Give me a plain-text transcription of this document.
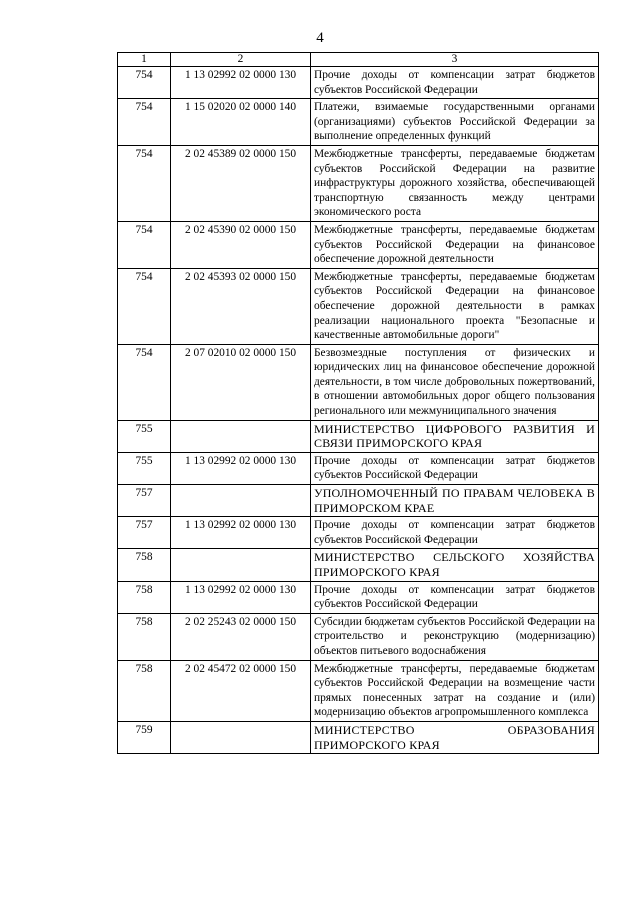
4
1	2	3
754	1 13 02992 02 0000 130	Прочие доходы от компенсации затрат бюджетов субъектов Российской Федерации
754	1 15 02020 02 0000 140	Платежи, взимаемые государственными органами (организациями) субъектов Российской Федерации за выполнение определенных функций
754	2 02 45389 02 0000 150	Межбюджетные трансферты, передаваемые бюджетам субъектов Российской Федерации на развитие инфраструктуры дорожного хозяйства, обеспечивающей транспортную связанность между центрами экономического роста
754	2 02 45390 02 0000 150	Межбюджетные трансферты, передаваемые бюджетам субъектов Российской Федерации на финансовое обеспечение дорожной деятельности
754	2 02 45393 02 0000 150	Межбюджетные трансферты, передаваемые бюджетам субъектов Российской Федерации на финансовое обеспечение дорожной деятельности в рамках реализации национального проекта "Безопасные и качественные автомобильные дороги"
754	2 07 02010 02 0000 150	Безвозмездные поступления от физических и юридических лиц на финансовое обеспечение дорожной деятельности, в том числе добровольных пожертвований, в отношении автомобильных дорог общего пользования регионального или межмуниципального значения
755		МИНИСТЕРСТВО ЦИФРОВОГО РАЗВИТИЯ И СВЯЗИ ПРИМОРСКОГО КРАЯ
755	1 13 02992 02 0000 130	Прочие доходы от компенсации затрат бюджетов субъектов Российской Федерации
757		УПОЛНОМОЧЕННЫЙ ПО ПРАВАМ ЧЕЛОВЕКА В ПРИМОРСКОМ КРАЕ
757	1 13 02992 02 0000 130	Прочие доходы от компенсации затрат бюджетов субъектов Российской Федерации
758		МИНИСТЕРСТВО СЕЛЬСКОГО ХОЗЯЙСТВА ПРИМОРСКОГО КРАЯ
758	1 13 02992 02 0000 130	Прочие доходы от компенсации затрат бюджетов субъектов Российской Федерации
758	2 02 25243 02 0000 150	Субсидии бюджетам субъектов Российской Федерации на строительство и реконструкцию (модернизацию) объектов питьевого водоснабжения
758	2 02 45472 02 0000 150	Межбюджетные трансферты, передаваемые бюджетам субъектов Российской Федерации на возмещение части прямых понесенных затрат на создание и (или) модернизацию объектов агропромышленного комплекса
759		МИНИСТЕРСТВО ОБРАЗОВАНИЯ ПРИМОРСКОГО КРАЯ
